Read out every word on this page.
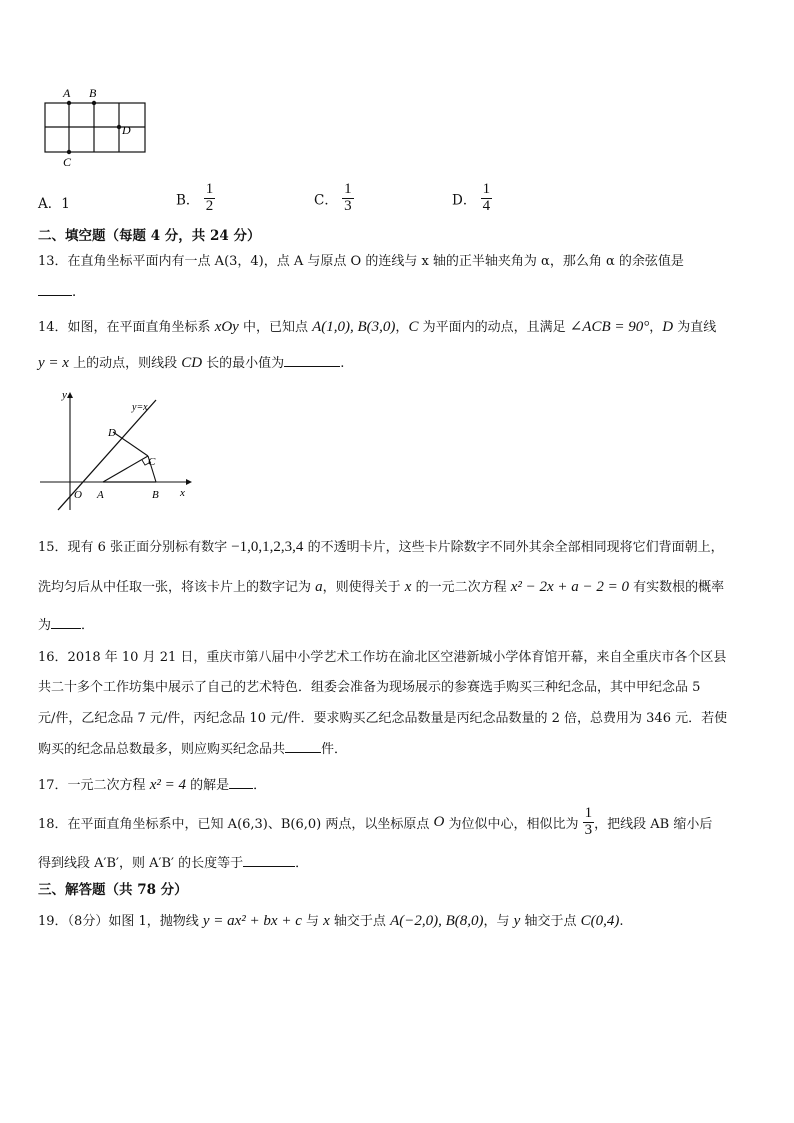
A B
C
D
A．1	B． $\frac{1}{2}$	C． $\frac{1}{3}$	D． $\frac{1}{4}$
二、填空题（每题 4 分，共 24 分）
13．在直角坐标平面内有一点 A(3，4)，点 A 与原点 O 的连线与 x 轴的正半轴夹角为 α，那么角 α 的余弦值是
．
14．如图，在平面直角坐标系 xOy 中，已知点 A(1,0), B(3,0)，C 为平面内的动点，且满足 ∠ACB = 90°，D 为直线
y = x 上的动点，则线段 CD 长的最小值为	.
y
y=x
D
C
O A	B x
15．现有 6 张正面分别标有数字 −1,0,1,2,3,4 的不透明卡片，这些卡片除数字不同外其余全部相同现将它们背面朝上，
洗均匀后从中任取一张，将该卡片上的数字记为 a，则使得关于 x 的一元二次方程 x² − 2x + a − 2 = 0 有实数根的概率
为 ．
16．2018 年 10 月 21 日，重庆市第八届中小学艺术工作坊在渝北区空港新城小学体育馆开幕，来自全重庆市各个区县
共二十多个工作坊集中展示了自己的艺术特色．组委会准备为现场展示的参赛选手购买三种纪念品，其中甲纪念品 5
元/件，乙纪念品 7 元/件，丙纪念品 10 元/件．要求购买乙纪念品数量是丙纪念品数量的 2 倍，总费用为 346 元．若使
购买的纪念品总数最多，则应购买纪念品共	件．
17．一元二次方程 x² = 4 的解是 ．
18．在平面直角坐标系中，已知 A(6,3)、B(6,0) 两点，以坐标原点 O 为位似中心，相似比为 $\frac{1}{3}$ ，把线段 AB 缩小后
得到线段 A′B′，则 A′B′ 的长度等于	．
三、解答题（共 78 分）
19．（8分）如图 1，抛物线 y = ax² + bx + c 与 x 轴交于点 A(−2,0), B(8,0)，与 y 轴交于点 C(0,4).
